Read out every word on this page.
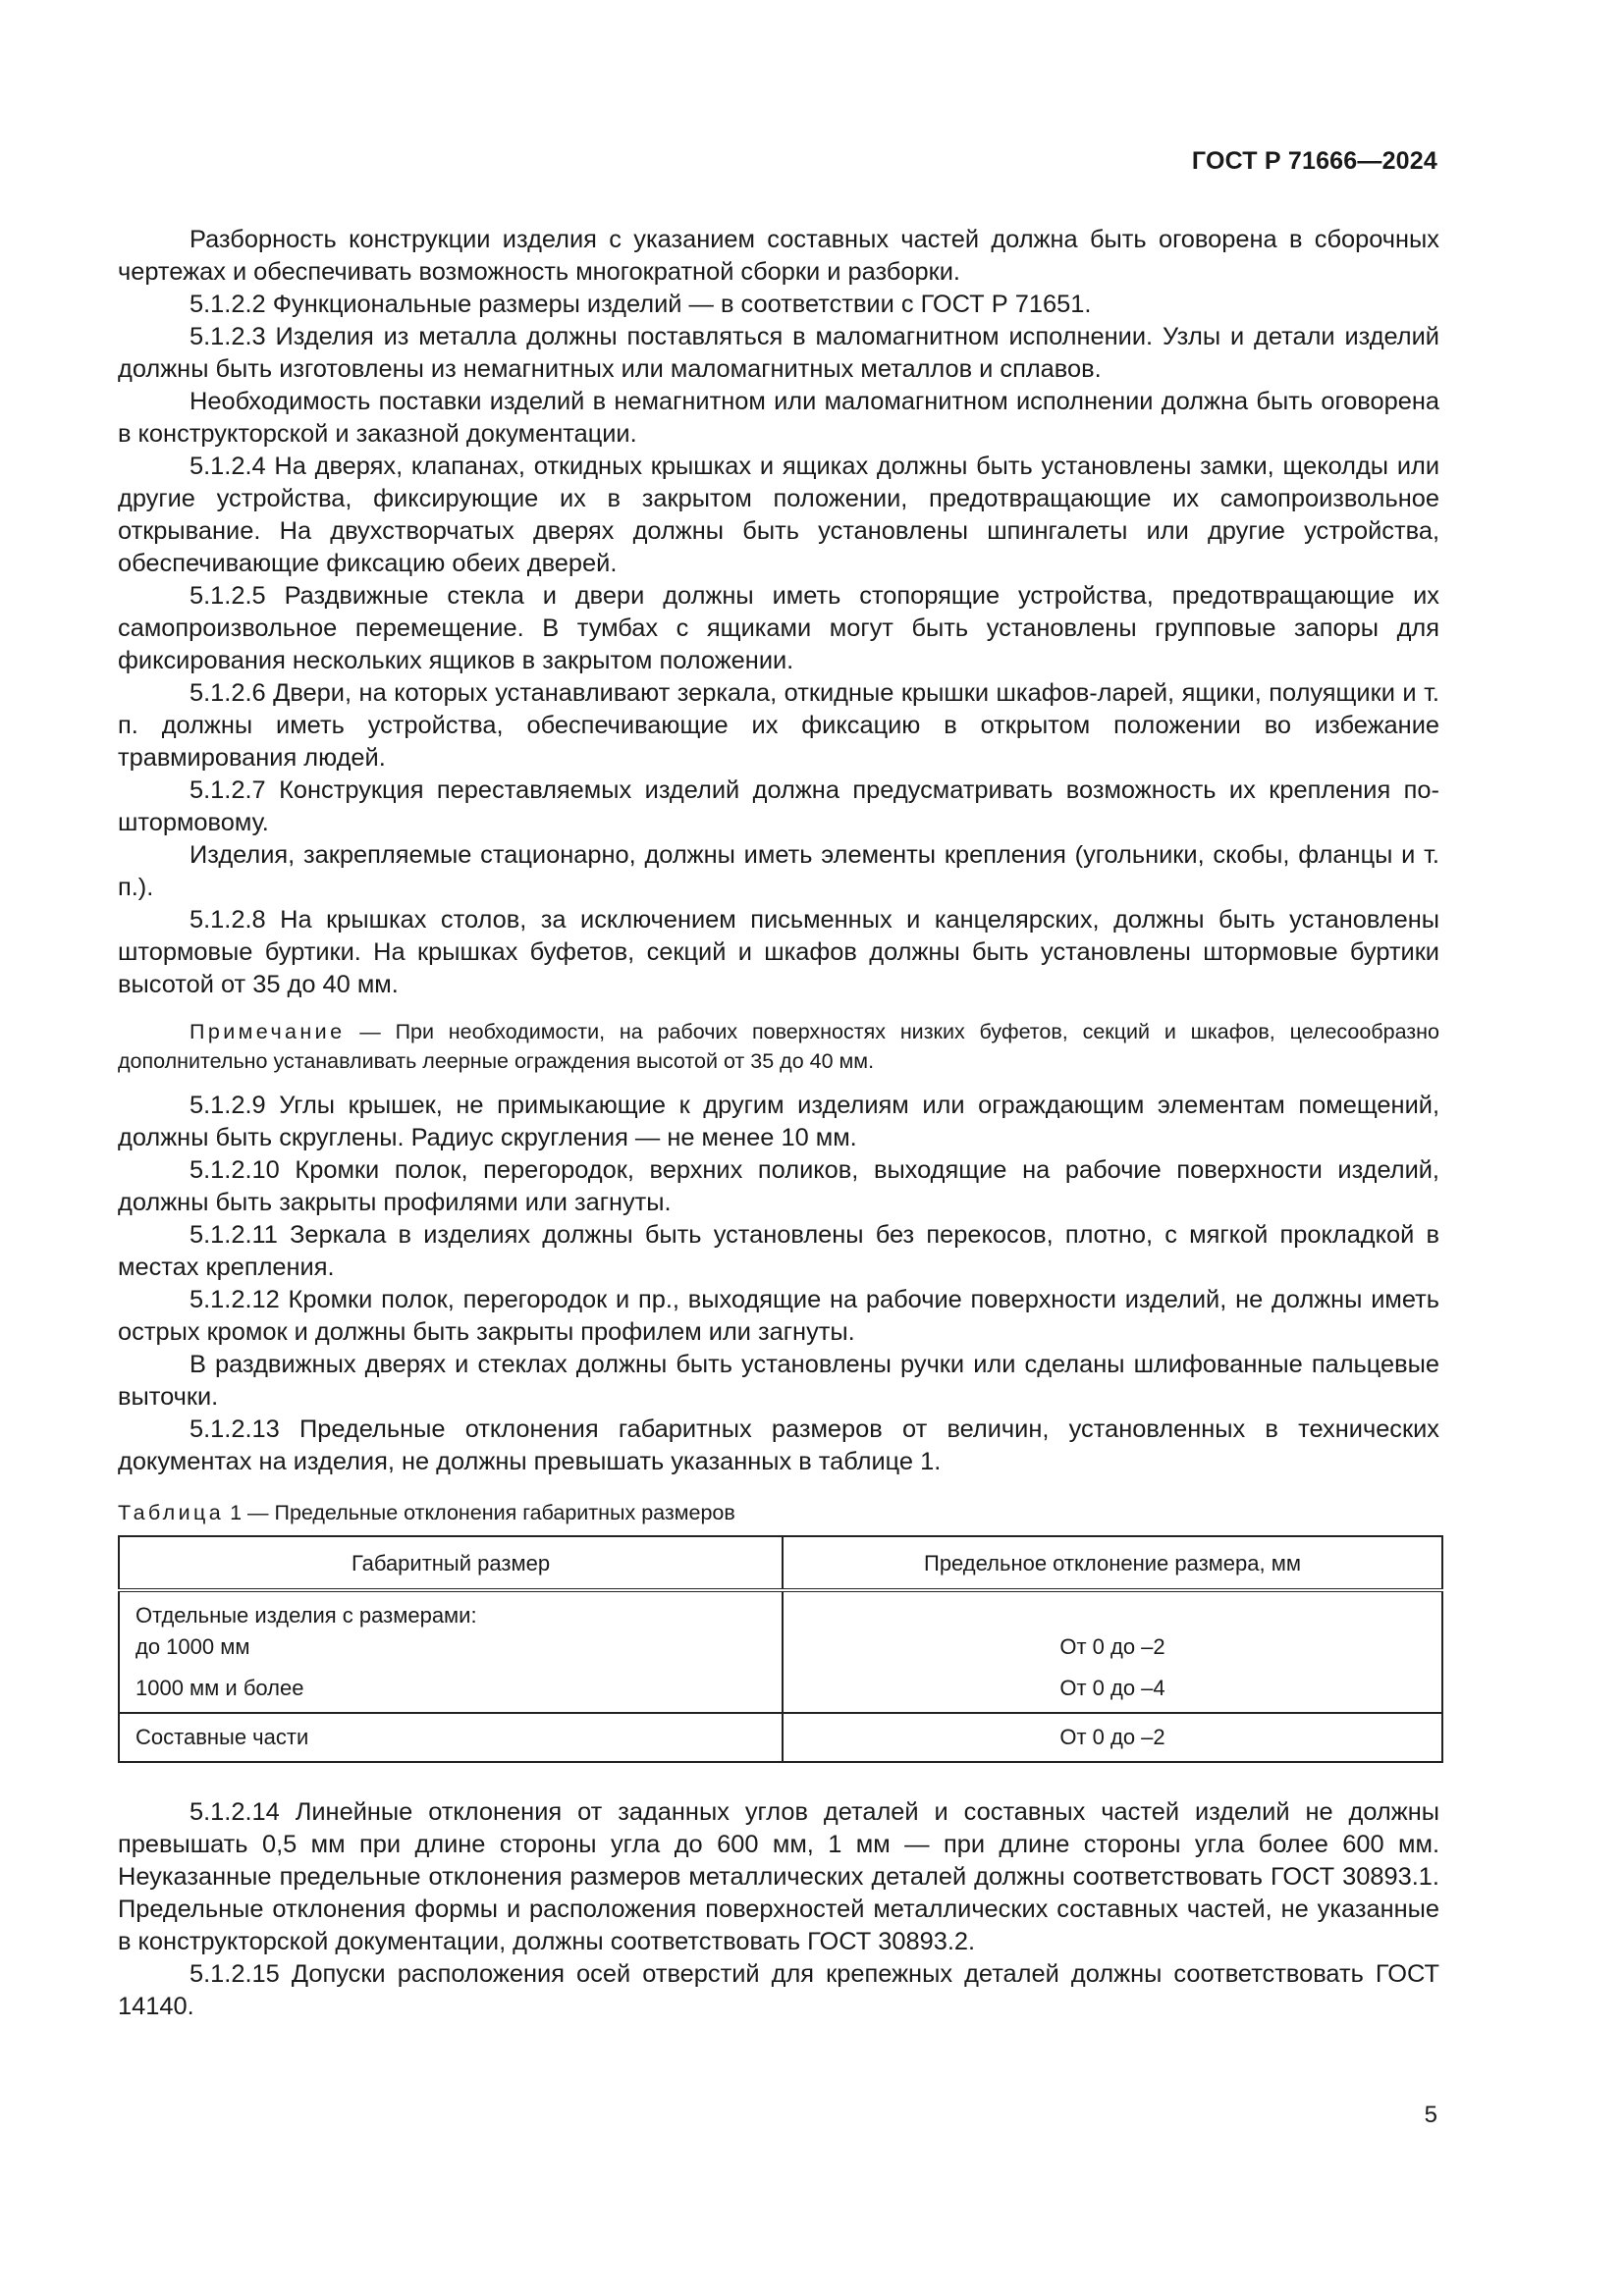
ГОСТ Р 71666—2024

Разборность конструкции изделия с указанием составных частей должна быть оговорена в сборочных чертежах и обеспечивать возможность многократной сборки и разборки.

5.1.2.2 Функциональные размеры изделий — в соответствии с ГОСТ Р 71651.

5.1.2.3 Изделия из металла должны поставляться в маломагнитном исполнении. Узлы и детали изделий должны быть изготовлены из немагнитных или маломагнитных металлов и сплавов.

Необходимость поставки изделий в немагнитном или маломагнитном исполнении должна быть оговорена в конструкторской и заказной документации.

5.1.2.4 На дверях, клапанах, откидных крышках и ящиках должны быть установлены замки, щеколды или другие устройства, фиксирующие их в закрытом положении, предотвращающие их самопроизвольное открывание. На двухстворчатых дверях должны быть установлены шпингалеты или другие устройства, обеспечивающие фиксацию обеих дверей.

5.1.2.5 Раздвижные стекла и двери должны иметь стопорящие устройства, предотвращающие их самопроизвольное перемещение. В тумбах с ящиками могут быть установлены групповые запоры для фиксирования нескольких ящиков в закрытом положении.

5.1.2.6 Двери, на которых устанавливают зеркала, откидные крышки шкафов-ларей, ящики, полуящики и т. п. должны иметь устройства, обеспечивающие их фиксацию в открытом положении во избежание травмирования людей.

5.1.2.7 Конструкция переставляемых изделий должна предусматривать возможность их крепления по-штормовому.

Изделия, закрепляемые стационарно, должны иметь элементы крепления (угольники, скобы, фланцы и т. п.).

5.1.2.8 На крышках столов, за исключением письменных и канцелярских, должны быть установлены штормовые буртики. На крышках буфетов, секций и шкафов должны быть установлены штормовые буртики высотой от 35 до 40 мм.

Примечание — При необходимости, на рабочих поверхностях низких буфетов, секций и шкафов, целесообразно дополнительно устанавливать леерные ограждения высотой от 35 до 40 мм.

5.1.2.9 Углы крышек, не примыкающие к другим изделиям или ограждающим элементам помещений, должны быть скруглены. Радиус скругления — не менее 10 мм.

5.1.2.10 Кромки полок, перегородок, верхних поликов, выходящие на рабочие поверхности изделий, должны быть закрыты профилями или загнуты.

5.1.2.11 Зеркала в изделиях должны быть установлены без перекосов, плотно, с мягкой прокладкой в местах крепления.

5.1.2.12 Кромки полок, перегородок и пр., выходящие на рабочие поверхности изделий, не должны иметь острых кромок и должны быть закрыты профилем или загнуты.

В раздвижных дверях и стеклах должны быть установлены ручки или сделаны шлифованные пальцевые выточки.

5.1.2.13 Предельные отклонения габаритных размеров от величин, установленных в технических документах на изделия, не должны превышать указанных в таблице 1.

Таблица 1 — Предельные отклонения габаритных размеров

Габаритный размер	Предельное отклонение размера, мм

Отдельные изделия с размерами:
до 1000 мм	От 0 до –2

1000 мм и более	От 0 до –4

Составные части	От 0 до –2

5.1.2.14 Линейные отклонения от заданных углов деталей и составных частей изделий не должны превышать 0,5 мм при длине стороны угла до 600 мм, 1 мм — при длине стороны угла более 600 мм. Неуказанные предельные отклонения размеров металлических деталей должны соответствовать ГОСТ 30893.1. Предельные отклонения формы и расположения поверхностей металлических составных частей, не указанные в конструкторской документации, должны соответствовать ГОСТ 30893.2.

5.1.2.15 Допуски расположения осей отверстий для крепежных деталей должны соответствовать ГОСТ 14140.

5
